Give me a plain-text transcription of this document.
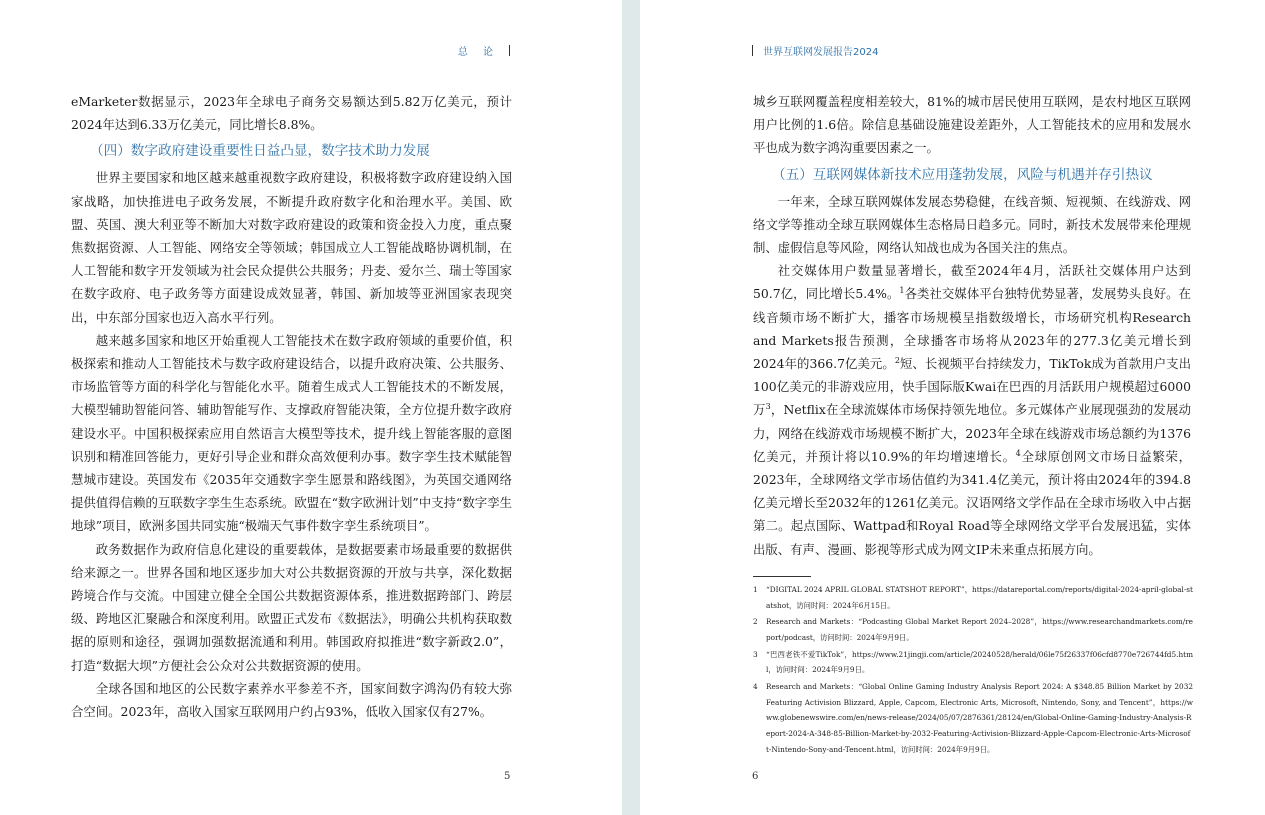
总 论

eMarketer数据显示，2023年全球电子商务交易额达到5.82万亿美元，预计2024年达到6.33万亿美元，同比增长8.8%。

（四）数字政府建设重要性日益凸显，数字技术助力发展

世界主要国家和地区越来越重视数字政府建设，积极将数字政府建设纳入国家战略，加快推进电子政务发展，不断提升政府数字化和治理水平。美国、欧盟、英国、澳大利亚等不断加大对数字政府建设的政策和资金投入力度，重点聚焦数据资源、人工智能、网络安全等领域；韩国成立人工智能战略协调机制，在人工智能和数字开发领域为社会民众提供公共服务；丹麦、爱尔兰、瑞士等国家在数字政府、电子政务等方面建设成效显著，韩国、新加坡等亚洲国家表现突出，中东部分国家也迈入高水平行列。

越来越多国家和地区开始重视人工智能技术在数字政府领域的重要价值，积极探索和推动人工智能技术与数字政府建设结合，以提升政府决策、公共服务、市场监管等方面的科学化与智能化水平。随着生成式人工智能技术的不断发展，大模型辅助智能问答、辅助智能写作、支撑政府智能决策，全方位提升数字政府建设水平。中国积极探索应用自然语言大模型等技术，提升线上智能客服的意图识别和精准回答能力，更好引导企业和群众高效便利办事。数字孪生技术赋能智慧城市建设。英国发布《2035年交通数字孪生愿景和路线图》，为英国交通网络提供值得信赖的互联数字孪生生态系统。欧盟在“数字欧洲计划”中支持“数字孪生地球”项目，欧洲多国共同实施“极端天气事件数字孪生系统项目”。

政务数据作为政府信息化建设的重要载体，是数据要素市场最重要的数据供给来源之一。世界各国和地区逐步加大对公共数据资源的开放与共享，深化数据跨境合作与交流。中国建立健全全国公共数据资源体系，推进数据跨部门、跨层级、跨地区汇聚融合和深度利用。欧盟正式发布《数据法》，明确公共机构获取数据的原则和途径，强调加强数据流通和利用。韩国政府拟推进“数字新政2.0”，打造“数据大坝”方便社会公众对公共数据资源的使用。

全球各国和地区的公民数字素养水平参差不齐，国家间数字鸿沟仍有较大弥合空间。2023年，高收入国家互联网用户约占93%，低收入国家仅有27%。

5
世界互联网发展报告2024

城乡互联网覆盖程度相差较大，81%的城市居民使用互联网，是农村地区互联网用户比例的1.6倍。除信息基础设施建设差距外，人工智能技术的应用和发展水平也成为数字鸿沟重要因素之一。

（五）互联网媒体新技术应用蓬勃发展，风险与机遇并存引热议

一年来，全球互联网媒体发展态势稳健，在线音频、短视频、在线游戏、网络文学等推动全球互联网媒体生态格局日趋多元。同时，新技术发展带来伦理规制、虚假信息等风险，网络认知战也成为各国关注的焦点。

社交媒体用户数量显著增长，截至2024年4月，活跃社交媒体用户达到50.7亿，同比增长5.4%。$^1$各类社交媒体平台独特优势显著，发展势头良好。在线音频市场不断扩大，播客市场规模呈指数级增长，市场研究机构Research and Markets报告预测，全球播客市场将从2023年的277.3亿美元增长到2024年的366.7亿美元。$^2$短、长视频平台持续发力，TikTok成为首款用户支出100亿美元的非游戏应用，快手国际版Kwai在巴西的月活跃用户规模超过6000万$^3$，Netflix在全球流媒体市场保持领先地位。多元媒体产业展现强劲的发展动力，网络在线游戏市场规模不断扩大，2023年全球在线游戏市场总额约为1376亿美元，并预计将以10.9%的年均增速增长。$^4$全球原创网文市场日益繁荣，2023年，全球网络文学市场估值约为341.4亿美元，预计将由2024年的394.8亿美元增长至2032年的1261亿美元。汉语网络文学作品在全球市场收入中占据第二。起点国际、Wattpad和Royal Road等全球网络文学平台发展迅猛，实体出版、有声、漫画、影视等形式成为网文IP未来重点拓展方向。

1	“DIGITAL 2024 APRIL GLOBAL STATSHOT REPORT”，https://datareportal.com/reports/digital-2024-april-global-statshot，访问时间：2024年6月15日。
2	Research and Markets：“Podcasting Global Market Report 2024–2028”，https://www.researchandmarkets.com/report/podcast，访问时间：2024年9月9日。
3	“巴西老铁不爱TikTok”，https://www.21jingji.com/article/20240528/herald/06le75f26337f06cfd8770e726744fd5.html，访问时间：2024年9月9日。
4	Research and Markets：“Global Online Gaming Industry Analysis Report 2024: A $348.85 Billion Market by 2032 Featuring Activision Blizzard, Apple, Capcom, Electronic Arts, Microsoft, Nintendo, Sony, and Tencent”，https://www.globenewswire.com/en/news-release/2024/05/07/2876361/28124/en/Global-Online-Gaming-Industry-Analysis-Report-2024-A-348-85-Billion-Market-by-2032-Featuring-Activision-Blizzard-Apple-Capcom-Electronic-Arts-Microsoft-Nintendo-Sony-and-Tencent.html，访问时间：2024年9月9日。
6
